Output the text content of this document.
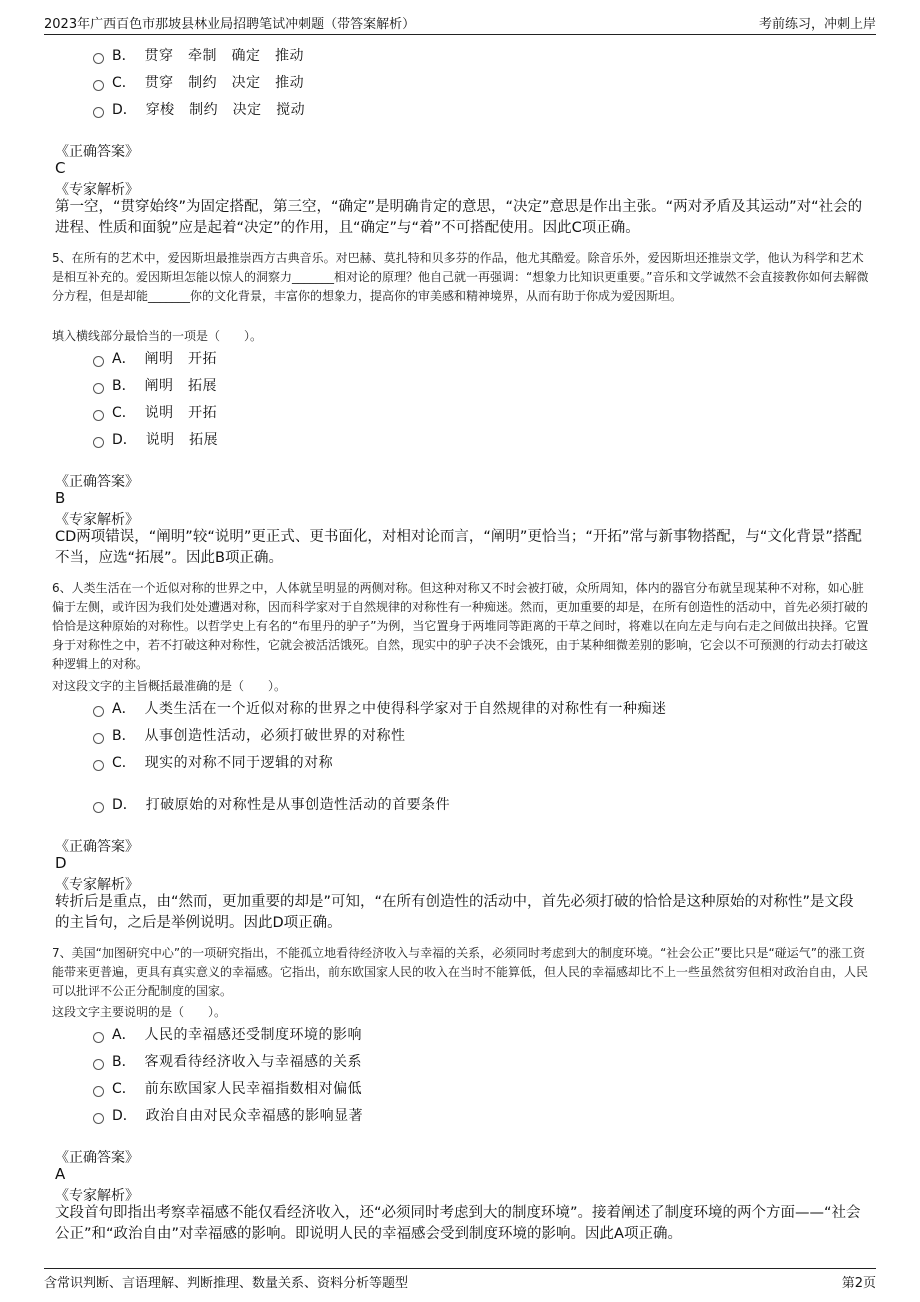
2023年广西百色市那坡县林业局招聘笔试冲刺题（带答案解析）	考前练习，冲刺上岸
B．
贯穿　牵制　确定　推动
C．
贯穿　制约　决定　推动
D．
穿梭　制约　决定　搅动
《正确答案》
C
《专家解析》
第一空，“贯穿始终”为固定搭配，第三空，“确定”是明确肯定的意思，“决定”意思是作出主张。“两对矛盾及其运动”对“社会的进程、性质和面貌”应是起着“决定”的作用，且“确定”与“着”不可搭配使用。因此C项正确。
5、在所有的艺术中，爱因斯坦最推崇西方古典音乐。对巴赫、莫扎特和贝多芬的作品，他尤其酷爱。除音乐外，爱因斯坦还推崇文学，他认为科学和艺术是相互补充的。爱因斯坦怎能以惊人的洞察力_______相对论的原理？他自己就一再强调：“想象力比知识更重要。”音乐和文学诚然不会直接教你如何去解微分方程，但是却能_______你的文化背景，丰富你的想象力，提高你的审美感和精神境界，从而有助于你成为爱因斯坦。
填入横线部分最恰当的一项是（　　）。
A．
阐明　开拓
B．
阐明　拓展
C．
说明　开拓
D．
说明　拓展
《正确答案》
B
《专家解析》
CD两项错误，“阐明”较“说明”更正式、更书面化，对相对论而言，“阐明”更恰当；“开拓”常与新事物搭配，与“文化背景”搭配不当，应选“拓展”。因此B项正确。
6、人类生活在一个近似对称的世界之中，人体就呈明显的两侧对称。但这种对称又不时会被打破，众所周知，体内的器官分布就呈现某种不对称，如心脏偏于左侧，或许因为我们处处遭遇对称，因而科学家对于自然规律的对称性有一种痴迷。然而，更加重要的却是，在所有创造性的活动中，首先必须打破的恰恰是这种原始的对称性。以哲学史上有名的“布里丹的驴子”为例，当它置身于两堆同等距离的干草之间时，将难以在向左走与向右走之间做出抉择。它置身于对称性之中，若不打破这种对称性，它就会被活活饿死。自然，现实中的驴子决不会饿死，由于某种细微差别的影响，它会以不可预测的行动去打破这种逻辑上的对称。
对这段文字的主旨概括最准确的是（　　）。
A．
人类生活在一个近似对称的世界之中使得科学家对于自然规律的对称性有一种痴迷
B．
从事创造性活动，必须打破世界的对称性
C．
现实的对称不同于逻辑的对称
D．
打破原始的对称性是从事创造性活动的首要条件
《正确答案》
D
《专家解析》
转折后是重点，由“然而，更加重要的却是”可知，“在所有创造性的活动中，首先必须打破的恰恰是这种原始的对称性”是文段的主旨句，之后是举例说明。因此D项正确。
7、美国“加图研究中心”的一项研究指出，不能孤立地看待经济收入与幸福的关系，必须同时考虑到大的制度环境。“社会公正”要比只是“碰运气”的涨工资能带来更普遍，更具有真实意义的幸福感。它指出，前东欧国家人民的收入在当时不能算低，但人民的幸福感却比不上一些虽然贫穷但相对政治自由，人民可以批评不公正分配制度的国家。
这段文字主要说明的是（　　）。
A．
人民的幸福感还受制度环境的影响
B．
客观看待经济收入与幸福感的关系
C．
前东欧国家人民幸福指数相对偏低
D．
政治自由对民众幸福感的影响显著
《正确答案》
A
《专家解析》
文段首句即指出考察幸福感不能仅看经济收入，还“必须同时考虑到大的制度环境”。接着阐述了制度环境的两个方面——“社会公正”和“政治自由”对幸福感的影响。即说明人民的幸福感会受到制度环境的影响。因此A项正确。
含常识判断、言语理解、判断推理、数量关系、资料分析等题型	第2页
